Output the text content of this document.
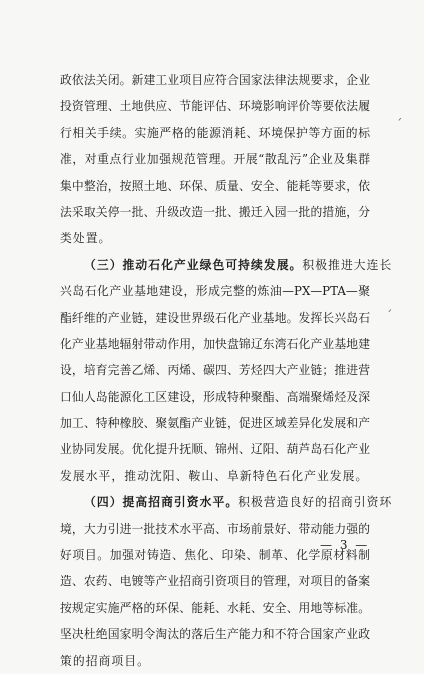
政依法关闭。新建工业项目应符合国家法律法规要求，企业
投资管理、土地供应、节能评估、环境影响评价等要依法履
行相关手续。实施严格的能源消耗、环境保护等方面的标
准，对重点行业加强规范管理。开展“散乱污”企业及集群
集中整治，按照土地、环保、质量、安全、能耗等要求，依
法采取关停一批、升级改造一批、搬迁入园一批的措施，分
类处置。
（三）推动石化产业绿色可持续发展。积极推进大连长
兴岛石化产业基地建设，形成完整的炼油—PX—PTA—聚
酯纤维的产业链，建设世界级石化产业基地。发挥长兴岛石
化产业基地辐射带动作用，加快盘锦辽东湾石化产业基地建
设，培育完善乙烯、丙烯、碳四、芳烃四大产业链；推进营
口仙人岛能源化工区建设，形成特种聚酯、高端聚烯烃及深
加工、特种橡胶、聚氨酯产业链，促进区域差异化发展和产
业协同发展。优化提升抚顺、锦州、辽阳、葫芦岛石化产业
发展水平，推动沈阳、鞍山、阜新特色石化产业发展。
（四）提高招商引资水平。积极营造良好的招商引资环
境，大力引进一批技术水平高、市场前景好、带动能力强的
好项目。加强对铸造、焦化、印染、制革、化学原材料制
造、农药、电镀等产业招商引资项目的管理，对项目的备案
按规定实施严格的环保、能耗、水耗、安全、用地等标准。
坚决杜绝国家明令淘汰的落后生产能力和不符合国家产业政
策的招商项目。
ˊ
ˏ
— 3 —
